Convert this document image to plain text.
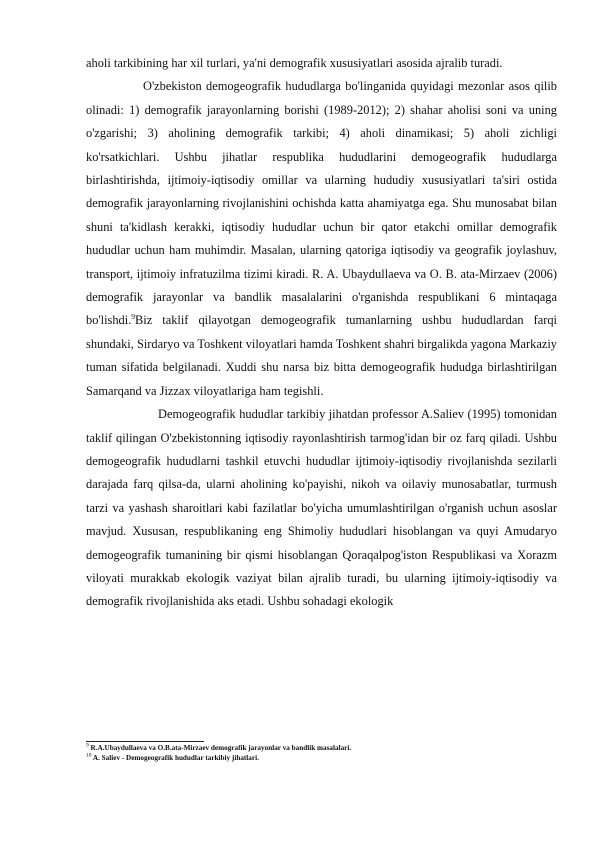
aholi tarkibining har xil turlari, ya'ni demografik xususiyatlari asosida ajralib turadi.

O'zbekiston demogeografik hududlarga bo'linganida quyidagi mezonlar asos qilib olinadi: 1) demografik jarayonlarning borishi (1989-2012); 2) shahar aholisi soni va uning o'zgarishi; 3) aholining demografik tarkibi; 4) aholi dinamikasi; 5) aholi zichligi ko'rsatkichlari. Ushbu jihatlar respublika hududlarini demogeografik hududlarga birlashtirishda, ijtimoiy-iqtisodiy omillar va ularning hududiy xususiyatlari ta'siri ostida demografik jarayonlarning rivojlanishini ochishda katta ahamiyatga ega. Shu munosabat bilan shuni ta'kidlash kerakki, iqtisodiy hududlar uchun bir qator etakchi omillar demografik hududlar uchun ham muhimdir. Masalan, ularning qatoriga iqtisodiy va geografik joylashuv, transport, ijtimoiy infratuzilma tizimi kiradi. R. A. Ubaydullaeva va O. B. ata-Mirzaev (2006) demografik jarayonlar va bandlik masalalarini o'rganishda respublikani 6 mintaqaga bo'lishdi.$^9$Biz taklif qilayotgan demogeografik tumanlarning ushbu hududlardan farqi shundaki, Sirdaryo va Toshkent viloyatlari hamda Toshkent shahri birgalikda yagona Markaziy tuman sifatida belgilanadi. Xuddi shu narsa biz bitta demogeografik hududga birlashtirilgan Samarqand va Jizzax viloyatlariga ham tegishli.

Demogeografik hududlar tarkibiy jihatdan professor A.Saliev (1995) tomonidan taklif qilingan O'zbekistonning iqtisodiy rayonlashtirish tarmog'idan bir oz farq qiladi. Ushbu demogeografik hududlarni tashkil etuvchi hududlar ijtimoiy-iqtisodiy rivojlanishda sezilarli darajada farq qilsa-da, ularni aholining ko'payishi, nikoh va oilaviy munosabatlar, turmush tarzi va yashash sharoitlari kabi fazilatlar bo'yicha umumlashtirilgan o'rganish uchun asoslar mavjud. Xususan, respublikaning eng Shimoliy hududlari hisoblangan va quyi Amudaryo demogeografik tumanining bir qismi hisoblangan Qoraqalpog'iston Respublikasi va Xorazm viloyati murakkab ekologik vaziyat bilan ajralib turadi, bu ularning ijtimoiy-iqtisodiy va demografik rivojlanishida aks etadi. Ushbu sohadagi ekologik

$^9$ R.A.Ubaydullaeva va O.B.ata-Mirzaev demografik jarayonlar va bandlik masalalari.

$^{10}$ A. Saliev - Demogeografik hududlar tarkibiy jihatlari.
